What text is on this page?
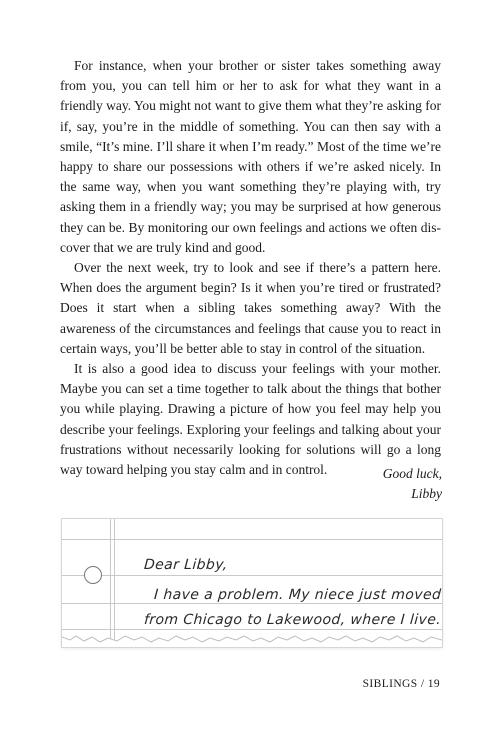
For instance, when your brother or sister takes something away from you, you can tell him or her to ask for what they want in a friendly way. You might not want to give them what they’re asking for if, say, you’re in the middle of something. You can then say with a smile, “It’s mine. I’ll share it when I’m ready.” Most of the time we’re happy to share our possessions with others if we’re asked nicely. In the same way, when you want something they’re playing with, try asking them in a friendly way; you may be surprised at how generous they can be. By monitoring our own feelings and actions we often discover that we are truly kind and good.

Over the next week, try to look and see if there’s a pattern here. When does the argument begin? Is it when you’re tired or frustrated? Does it start when a sibling takes something away? With the awareness of the circumstances and feelings that cause you to react in certain ways, you’ll be better able to stay in control of the situation.

It is also a good idea to discuss your feelings with your mother. Maybe you can set a time together to talk about the things that bother you while playing. Drawing a picture of how you feel may help you describe your feelings. Exploring your feelings and talking about your frustrations without necessarily looking for solutions will go a long way toward helping you stay calm and in control.	Good luck,
Libby
Dear Libby,
I have a problem. My niece just moved
from Chicago to Lakewood, where I live.
SIBLINGS / 19
